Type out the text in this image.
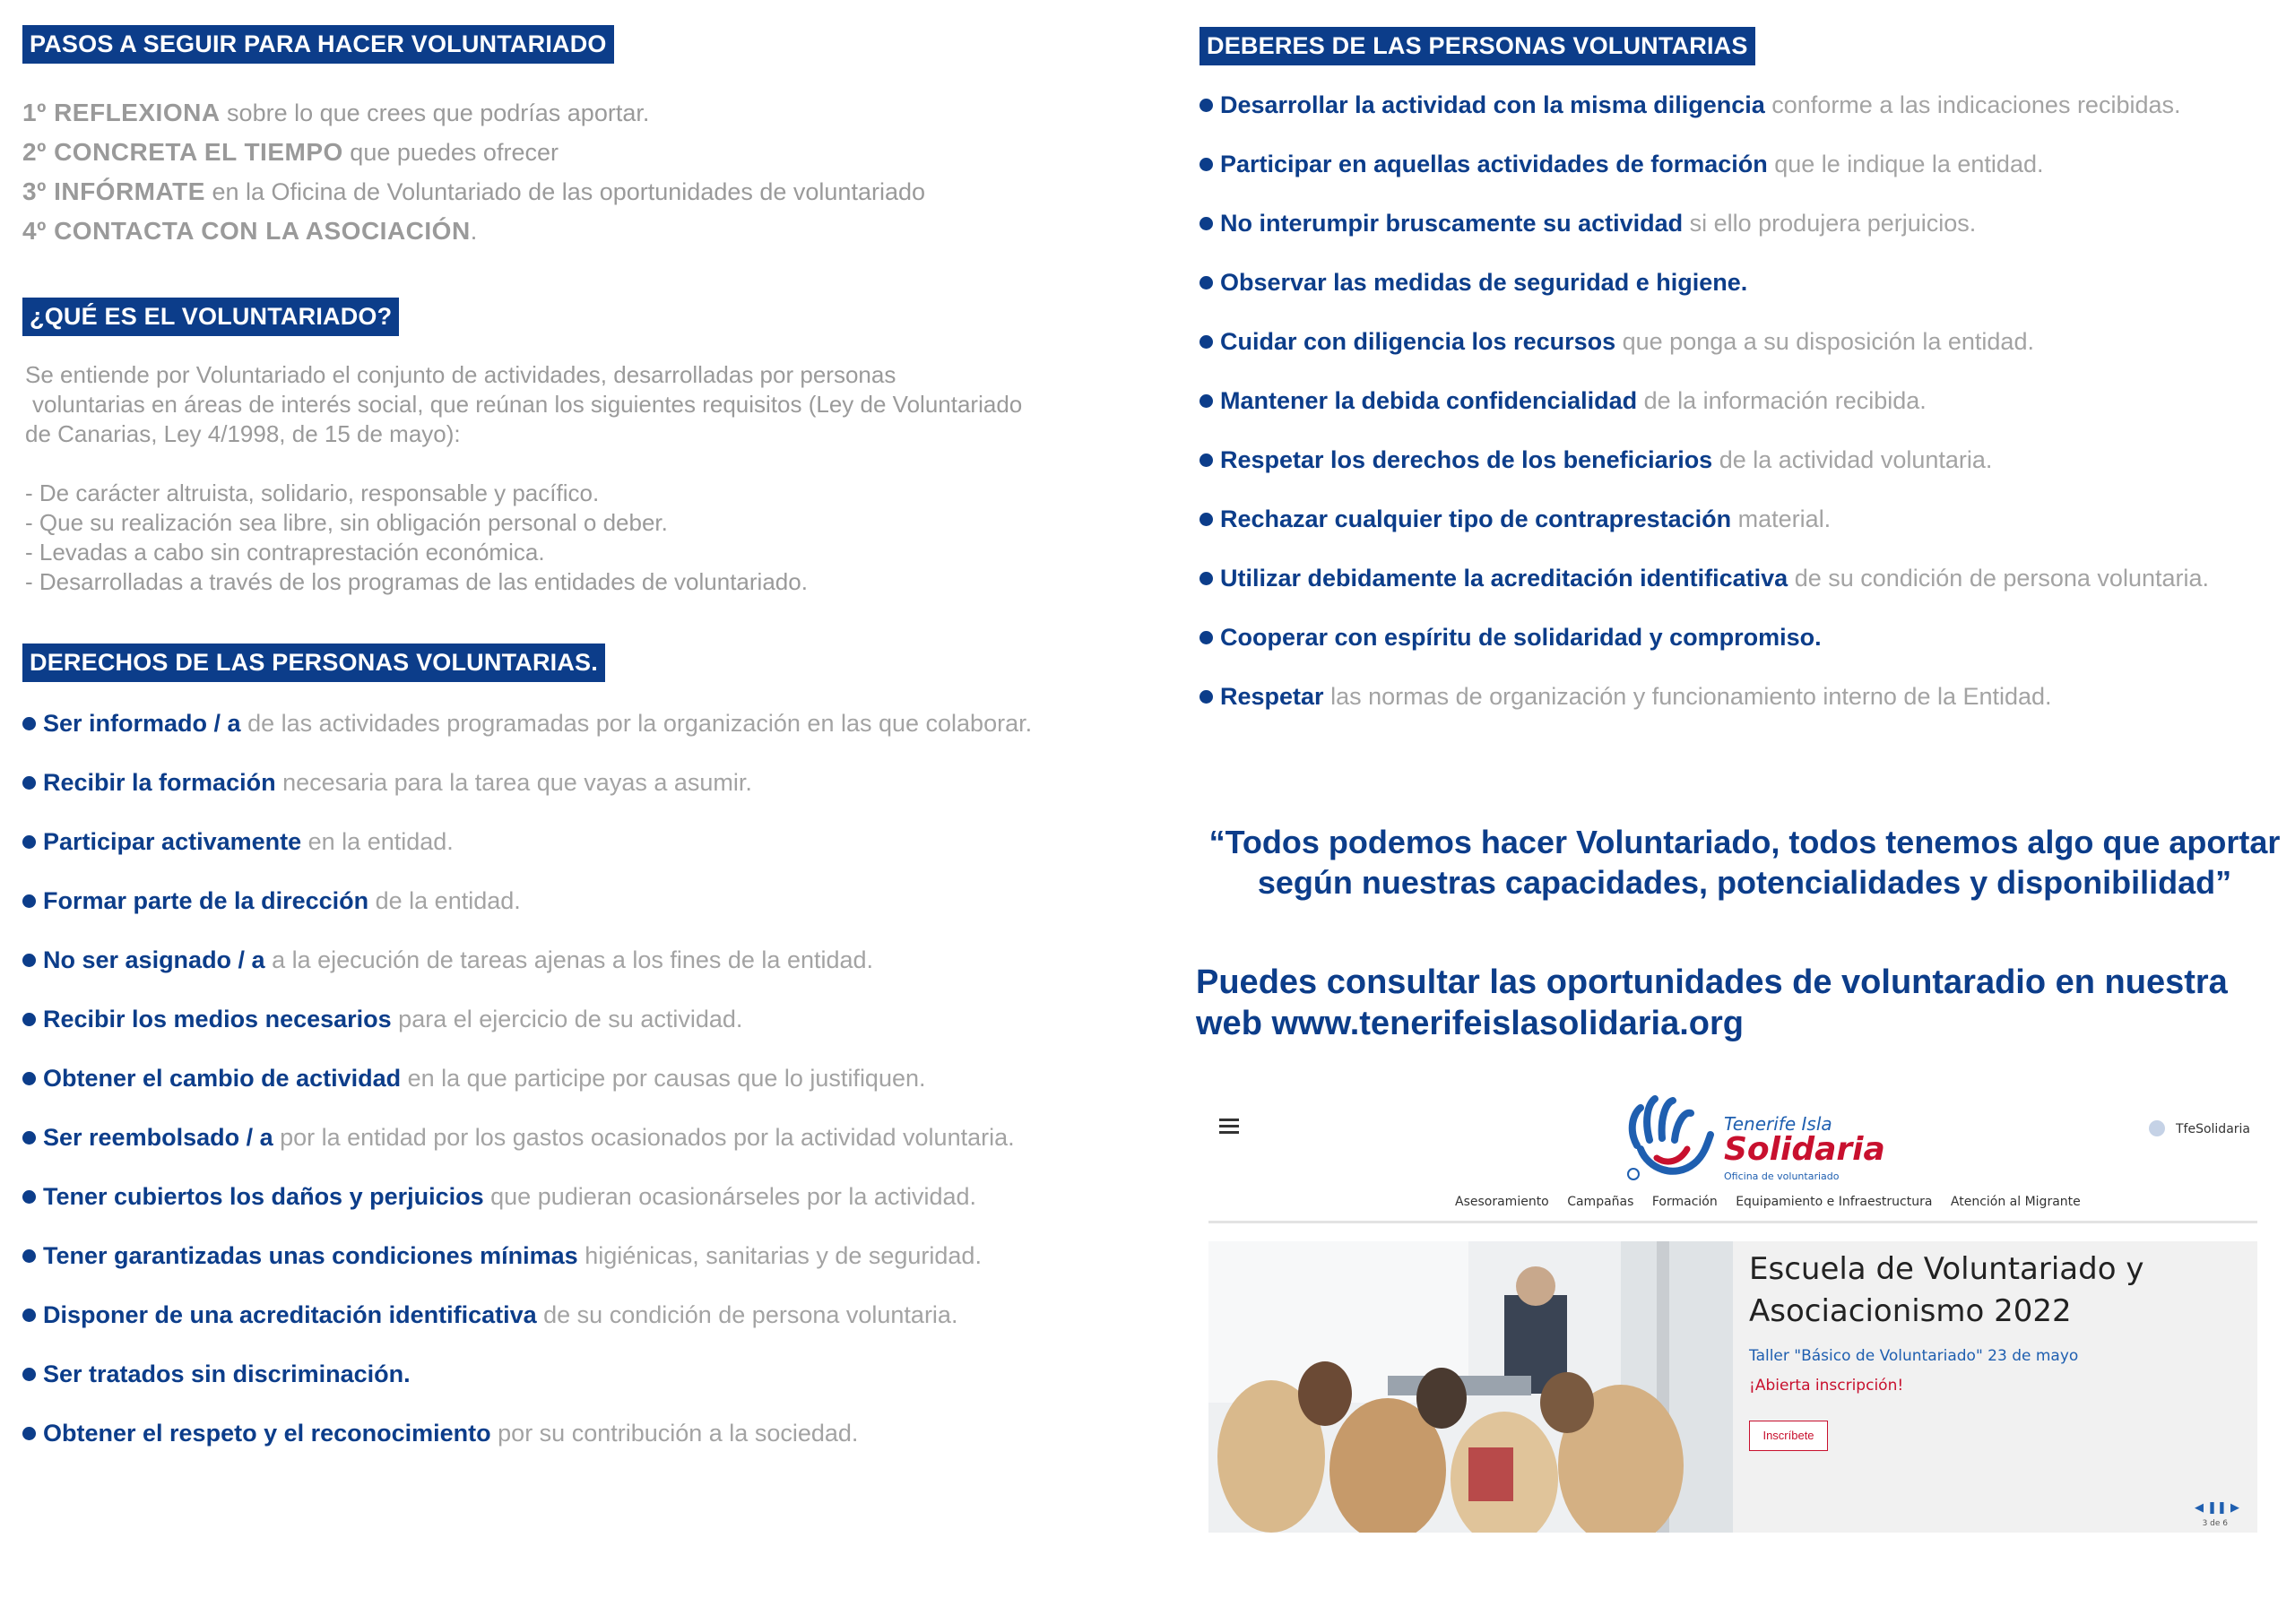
PASOS A SEGUIR PARA HACER VOLUNTARIADO
1º REFLEXIONA sobre lo que crees que podrías aportar.
2º CONCRETA EL TIEMPO que puedes ofrecer
3º INFÓRMATE en la Oficina de Voluntariado de las oportunidades de voluntariado
4º CONTACTA CON LA ASOCIACIÓN.
¿QUÉ ES EL VOLUNTARIADO?

Se entiende por Voluntariado el conjunto de actividades, desarrolladas por personas

voluntarias en áreas de interés social, que reúnan los siguientes requisitos (Ley de Voluntariado

de Canarias, Ley 4/1998, de 15 de mayo):

- De carácter altruista, solidario, responsable y pacífico.

- Que su realización sea libre, sin obligación personal o deber.

- Levadas a cabo sin contraprestación económica.

- Desarrolladas a través de los programas de las entidades de voluntariado.

DERECHOS DE LAS PERSONAS VOLUNTARIAS.
Ser informado / a de las actividades programadas por la organización en las que colaborar.
Recibir la formación necesaria para la tarea que vayas a asumir.
Participar activamente en la entidad.
Formar parte de la dirección de la entidad.
No ser asignado / a a la ejecución de tareas ajenas a los fines de la entidad.
Recibir los medios necesarios para el ejercicio de su actividad.
Obtener el cambio de actividad en la que participe por causas que lo justifiquen.
Ser reembolsado / a por la entidad por los gastos ocasionados por la actividad voluntaria.
Tener cubiertos los daños y perjuicios que pudieran ocasionárseles por la actividad.
Tener garantizadas unas condiciones mínimas higiénicas, sanitarias y de seguridad.
Disponer de una acreditación identificativa de su condición de persona voluntaria.
Ser tratados sin discriminación.
Obtener el respeto y el reconocimiento por su contribución a la sociedad.
DEBERES DE LAS PERSONAS VOLUNTARIAS
Desarrollar la actividad con la misma diligencia conforme a las indicaciones recibidas.
Participar en aquellas actividades de formación que le indique la entidad.
No interumpir bruscamente su actividad si ello produjera perjuicios.
Observar las medidas de seguridad e higiene.
Cuidar con diligencia los recursos que ponga a su disposición la entidad.
Mantener la debida confidencialidad de la información recibida.
Respetar los derechos de los beneficiarios de la actividad voluntaria.
Rechazar cualquier tipo de contraprestación material.
Utilizar debidamente la acreditación identificativa de su condición de persona voluntaria.
Cooperar con espíritu de solidaridad y compromiso.
Respetar las normas de organización y funcionamiento interno de la Entidad.

“Todos podemos hacer Voluntariado, todos tenemos algo que aportar

según nuestras capacidades, potencialidades y disponibilidad”

Puedes consultar las oportunidades de voluntaradio en nuestra

web www.tenerifeislasolidaria.org

Tenerife Isla
Solidaria
Oficina de voluntariado
TfeSolidaria
Asesoramiento Campañas Formación Equipamiento e Infraestructura Atención al Migrante

Escuela de Voluntariado y

Asociacionismo 2022

Taller "Básico de Voluntariado" 23 de mayo
¡Abierta inscripción!
Inscríbete
◀ ❚❚ ▶
3 de 6
